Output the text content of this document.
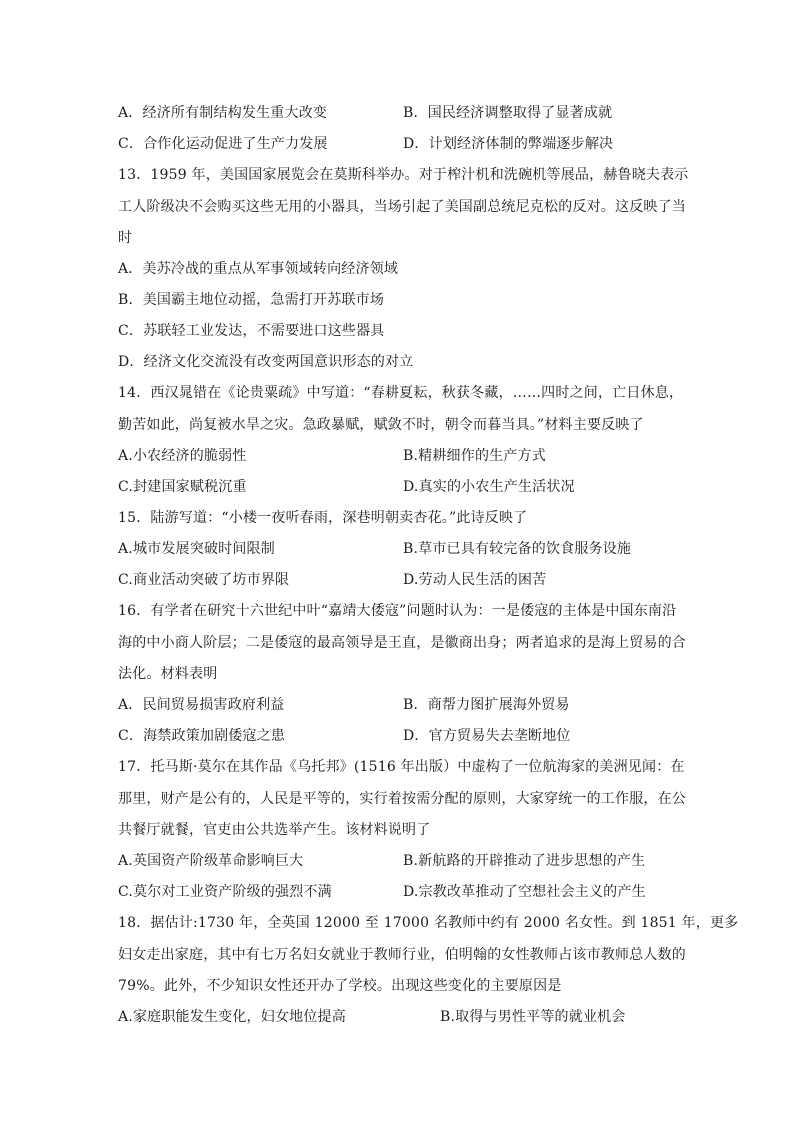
A．经济所有制结构发生重大改变	B．国民经济调整取得了显著成就
C．合作化运动促进了生产力发展	D．计划经济体制的弊端逐步解决
13．1959 年，美国国家展览会在莫斯科举办。对于榨汁机和洗碗机等展品，赫鲁晓夫表示
工人阶级决不会购买这些无用的小器具，当场引起了美国副总统尼克松的反对。这反映了当
时
A．美苏冷战的重点从军事领域转向经济领域
B．美国霸主地位动摇，急需打开苏联市场
C．苏联轻工业发达，不需要进口这些器具
D．经济文化交流没有改变两国意识形态的对立
14．西汉晁错在《论贵粟疏》中写道：“春耕夏耘，秋获冬藏，……四时之间，亡日休息，
勤苦如此，尚复被水旱之灾。急政暴赋，赋敛不时，朝令而暮当具。”材料主要反映了
A.小农经济的脆弱性	B.精耕细作的生产方式
C.封建国家赋税沉重	D.真实的小农生产生活状况
15．陆游写道：“小楼一夜听春雨，深巷明朝卖杏花。”此诗反映了
A.城市发展突破时间限制	B.草市已具有较完备的饮食服务设施
C.商业活动突破了坊市界限	D.劳动人民生活的困苦
16．有学者在研究十六世纪中叶“嘉靖大倭寇”问题时认为：一是倭寇的主体是中国东南沿
海的中小商人阶层；二是倭寇的最高领导是王直，是徽商出身；两者追求的是海上贸易的合
法化。材料表明
A．民间贸易损害政府利益	B．商帮力图扩展海外贸易
C．海禁政策加剧倭寇之患	D．官方贸易失去垄断地位
17．托马斯·莫尔在其作品《乌托邦》(1516 年出版）中虚构了一位航海家的美洲见闻：在
那里，财产是公有的，人民是平等的，实行着按需分配的原则，大家穿统一的工作服，在公
共餐厅就餐，官吏由公共选举产生。该材料说明了
A.英国资产阶级革命影响巨大	B.新航路的开辟推动了进步思想的产生
C.莫尔对工业资产阶级的强烈不满	D.宗教改革推动了空想社会主义的产生
18．据估计:1730 年，全英国 12000 至 17000 名教师中约有 2000 名女性。到 1851 年，更多
妇女走出家庭，其中有七万名妇女就业于教师行业，伯明翰的女性教师占该市教师总人数的
79%。此外，不少知识女性还开办了学校。出现这些变化的主要原因是
A.家庭职能发生变化，妇女地位提高	B.取得与男性平等的就业机会
